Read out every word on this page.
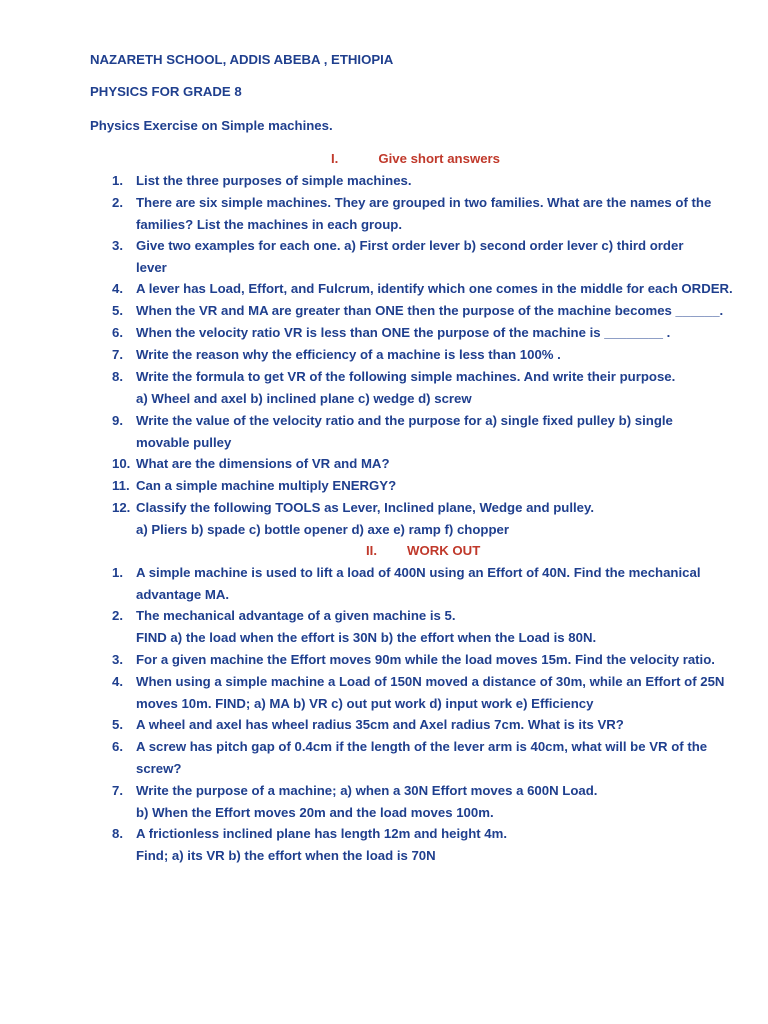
NAZARETH SCHOOL, ADDIS ABEBA , ETHIOPIA
PHYSICS FOR GRADE 8
Physics Exercise on Simple machines.
I.	Give short answers
1. List the three purposes of simple machines.
2. There are six simple machines. They are grouped in two families. What are the names of the
families? List the machines in each group.
3. Give two examples for each one. a) First order lever b) second order lever c) third order
lever
4. A lever has Load, Effort, and Fulcrum, identify which one comes in the middle for each ORDER.
5. When the VR and MA are greater than ONE then the purpose of the machine becomes ______.
6. When the velocity ratio VR is less than ONE the purpose of the machine is ________ .
7. Write the reason why the efficiency of a machine is less than 100% .
8. Write the formula to get VR of the following simple machines. And write their purpose.
a) Wheel and axel b) inclined plane c) wedge d) screw
9. Write the value of the velocity ratio and the purpose for a) single fixed pulley b) single
movable pulley
10. What are the dimensions of VR and MA?
11. Can a simple machine multiply ENERGY?
12. Classify the following TOOLS as Lever, Inclined plane, Wedge and pulley.
a) Pliers b) spade c) bottle opener d) axe e) ramp f) chopper
II. WORK OUT
1. A simple machine is used to lift a load of 400N using an Effort of 40N. Find the mechanical
advantage MA.
2. The mechanical advantage of a given machine is 5.
FIND a) the load when the effort is 30N b) the effort when the Load is 80N.
3. For a given machine the Effort moves 90m while the load moves 15m. Find the velocity ratio.
4. When using a simple machine a Load of 150N moved a distance of 30m, while an Effort of 25N
moves 10m. FIND; a) MA b) VR c) out put work d) input work e) Efficiency
5. A wheel and axel has wheel radius 35cm and Axel radius 7cm. What is its VR?
6. A screw has pitch gap of 0.4cm if the length of the lever arm is 40cm, what will be VR of the
screw?
7. Write the purpose of a machine; a) when a 30N Effort moves a 600N Load.
b) When the Effort moves 20m and the load moves 100m.
8. A frictionless inclined plane has length 12m and height 4m.
Find; a) its VR b) the effort when the load is 70N
